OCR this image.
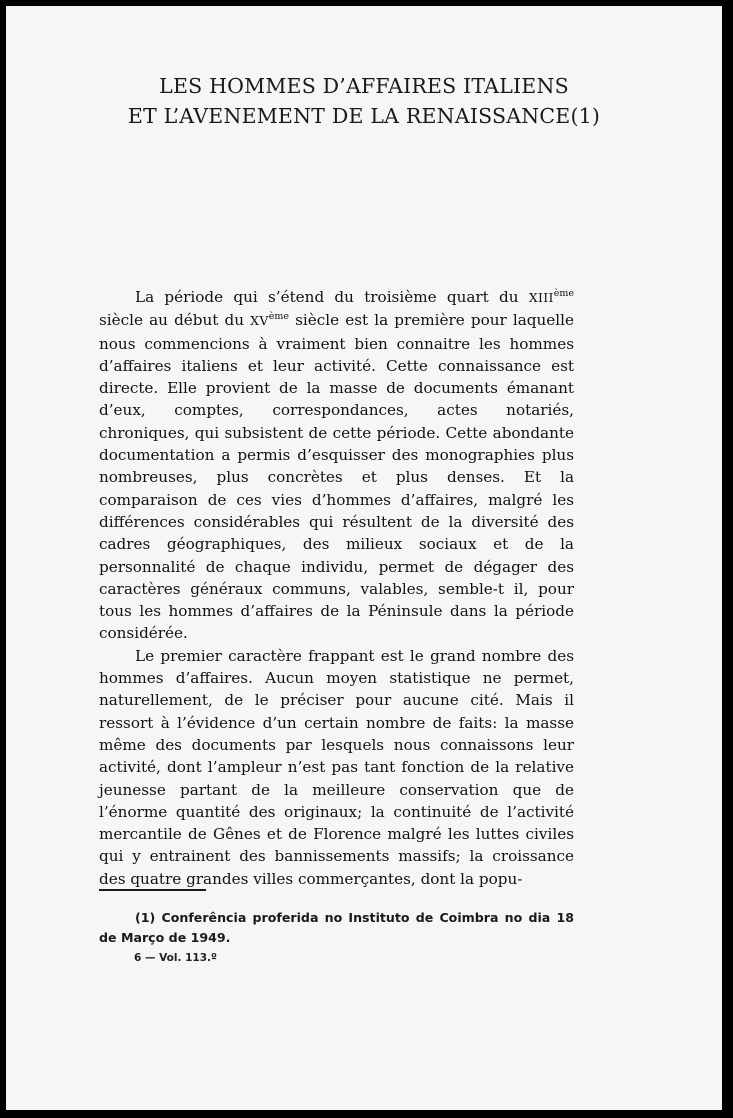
LES HOMMES D’AFFAIRES ITALIENS
ET L’AVENEMENT DE LA RENAISSANCE(1)

La période qui s’étend du troisième quart du XIIIème siècle au début du XVème siècle est la première pour laquelle nous commencions à vraiment bien connaitre les hommes d’affaires italiens et leur activité. Cette connaissance est directe. Elle provient de la masse de documents émanant d’eux, comptes, correspondances, actes notariés, chroniques, qui subsistent de cette période. Cette abondante documentation a permis d’esquisser des monographies plus nombreuses, plus concrètes et plus denses. Et la comparaison de ces vies d’hommes d’affaires, malgré les différences considérables qui résultent de la diversité des cadres géographiques, des milieux sociaux et de la personnalité de chaque individu, permet de dégager des caractères généraux communs, valables, semble-t il, pour tous les hommes d’affaires de la Péninsule dans la période considérée.

Le premier caractère frappant est le grand nombre des hommes d’affaires. Aucun moyen statistique ne permet, naturellement, de le préciser pour aucune cité. Mais il ressort à l’évidence d’un certain nombre de faits: la masse même des documents par lesquels nous connaissons leur activité, dont l’ampleur n’est pas tant fonction de la relative jeunesse partant de la meilleure conservation que de l’énorme quantité des originaux; la continuité de l’activité mercantile de Gênes et de Florence malgré les luttes civiles qui y entrainent des bannissements massifs; la croissance des quatre grandes villes commerçantes, dont la popu-

(1) Conferência proferida no Instituto de Coimbra no dia 18 de Março de 1949.
6 — Vol. 113.º
